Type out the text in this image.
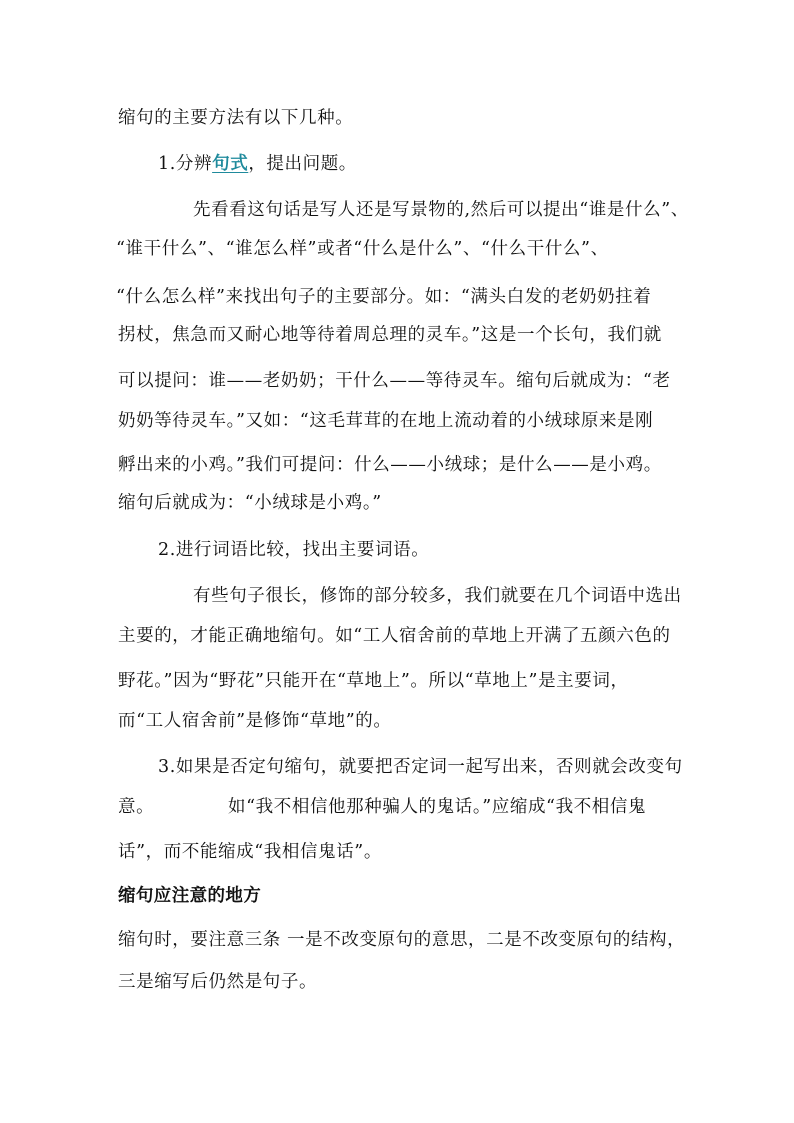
缩句的主要方法有以下几种。
1.分辨句式，提出问题。
先看看这句话是写人还是写景物的,然后可以提出“谁是什么”、
“谁干什么”、“谁怎么样”或者“什么是什么”、“什么干什么”、
“什么怎么样”来找出句子的主要部分。如：“满头白发的老奶奶拄着
拐杖，焦急而又耐心地等待着周总理的灵车。”这是一个长句，我们就
可以提问：谁——老奶奶；干什么——等待灵车。缩句后就成为：“老
奶奶等待灵车。”又如：“这毛茸茸的在地上流动着的小绒球原来是刚
孵出来的小鸡。”我们可提问：什么——小绒球；是什么——是小鸡。
缩句后就成为：“小绒球是小鸡。”
2.进行词语比较，找出主要词语。
有些句子很长，修饰的部分较多，我们就要在几个词语中选出
主要的，才能正确地缩句。如“工人宿舍前的草地上开满了五颜六色的
野花。”因为“野花”只能开在“草地上”。所以“草地上”是主要词，
而“工人宿舍前”是修饰“草地”的。
3.如果是否定句缩句，就要把否定词一起写出来，否则就会改变句
意。	如“我不相信他那种骗人的鬼话。”应缩成“我不相信鬼
话”，而不能缩成“我相信鬼话”。
缩句应注意的地方
缩句时，要注意三条 一是不改变原句的意思，二是不改变原句的结构，
三是缩写后仍然是句子。
